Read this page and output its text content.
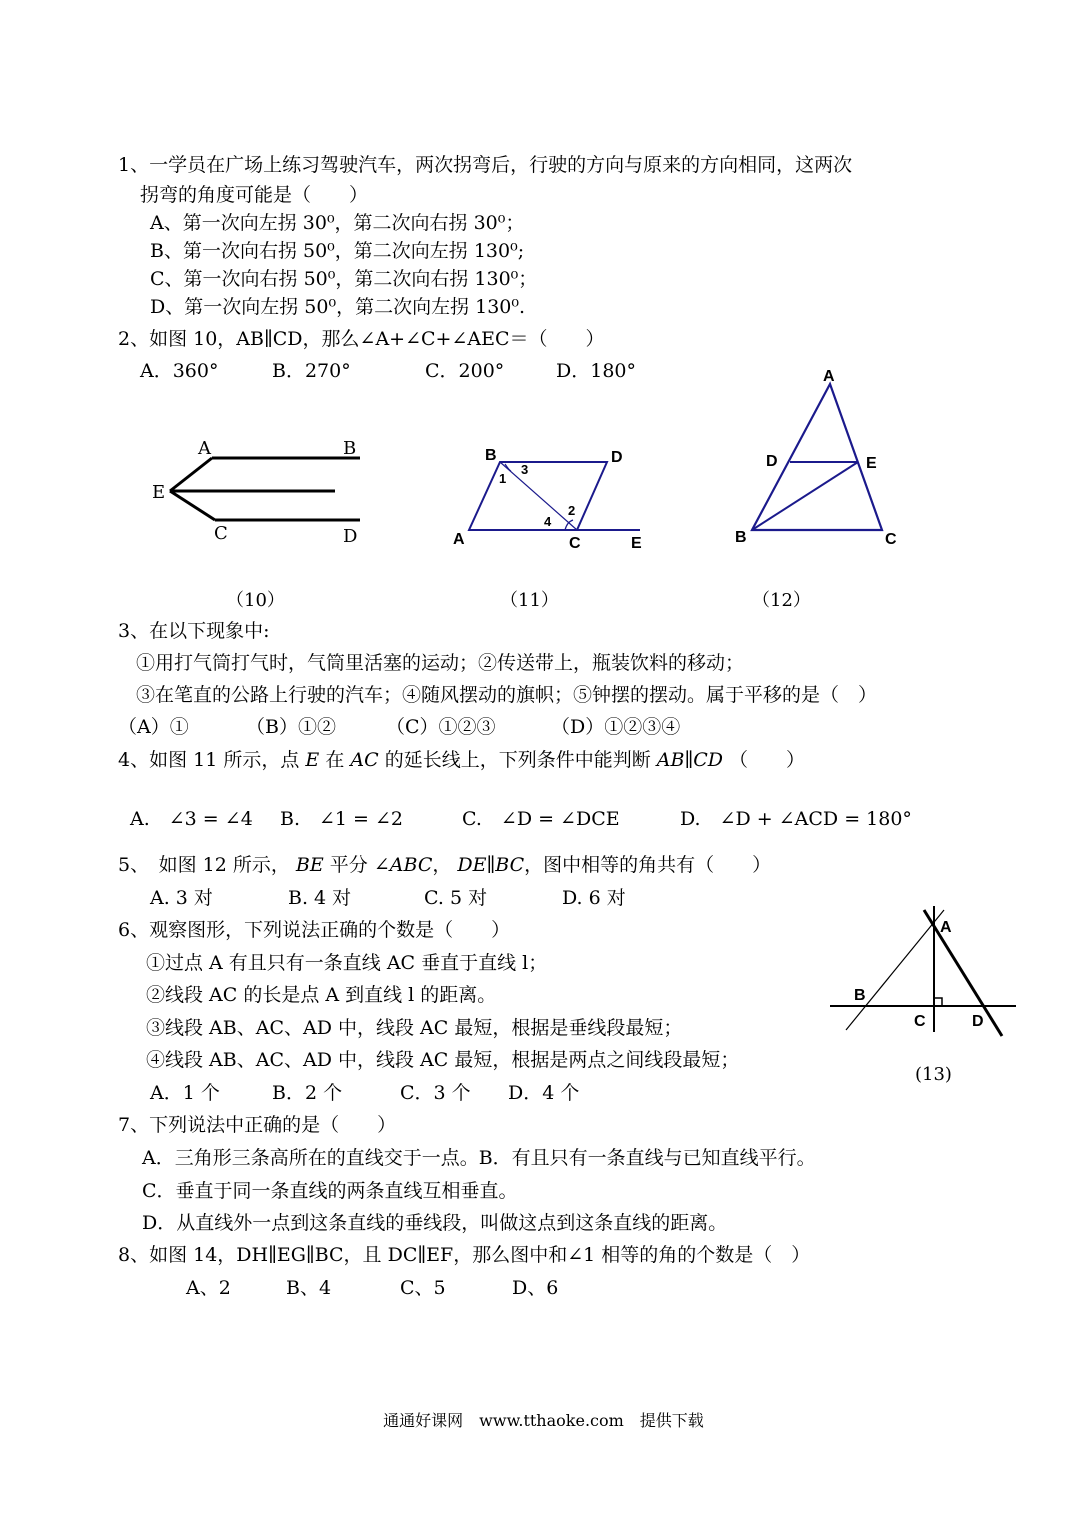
1、一学员在广场上练习驾驶汽车，两次拐弯后，行驶的方向与原来的方向相同，这两次
拐弯的角度可能是（　　）
A、第一次向左拐 30⁰，第二次向右拐 30⁰；
B、第一次向右拐 50⁰，第二次向左拐 130⁰;
C、第一次向右拐 50⁰，第二次向右拐 130⁰；
D、第一次向左拐 50⁰，第二次向左拐 130⁰.
2、如图 10，AB∥CD，那么∠A+∠C+∠AEC＝（　　）
A．360°	B．270°	C．200°	D．180°
A	B
E
C	D
（10）
B	D
A	C	E
1
3
2
4
（11）
A
D	E
B	C
（12）
3、在以下现象中:
①用打气筒打气时，气筒里活塞的运动；②传送带上，瓶装饮料的移动；
③在笔直的公路上行驶的汽车；④随风摆动的旗帜；⑤钟摆的摆动。属于平移的是（　）
（A）①	（B）①②	（C）①②③	（D）①②③④
4、如图 11 所示，点 E 在 AC 的延长线上，下列条件中能判断 AB∥CD （　　）
A.　∠3 = ∠4 B.　∠1 = ∠2	C.　∠D = ∠DCE	D.　∠D + ∠ACD = 180°
5、　如图 12 所示， BE 平分 ∠ABC， DE∥BC，图中相等的角共有（　　）
A. 3 对	B. 4 对	C. 5 对	D. 6 对
6、观察图形，下列说法正确的个数是（　　）
①过点 A 有且只有一条直线 AC 垂直于直线 l；
②线段 AC 的长是点 A 到直线 l 的距离。
③线段 AB、AC、AD 中，线段 AC 最短，根据是垂线段最短；
④线段 AB、AC、AD 中，线段 AC 最短，根据是两点之间线段最短；
A．1 个	B．2 个	C．3 个 D．4 个
A
B
C	D
(13)
7、下列说法中正确的是（　　）
A．三角形三条高所在的直线交于一点。B．有且只有一条直线与已知直线平行。
C．垂直于同一条直线的两条直线互相垂直。
D．从直线外一点到这条直线的垂线段，叫做这点到这条直线的距离。
8、如图 14，DH∥EG∥BC，且 DC∥EF，那么图中和∠1 相等的角的个数是（　）
A、2	B、4	C、5	D、6
通通好课网　www.tthaoke.com　提供下载
